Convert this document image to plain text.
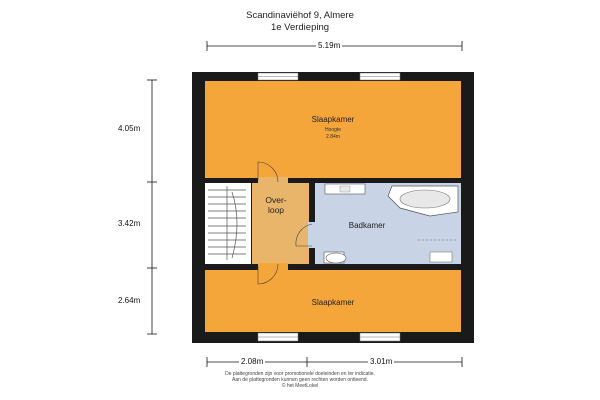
Scandinaviëhof 9, Almere
1e Verdieping
Slaapkamer
Hoogte
2.84m
Over-
loop
Badkamer
Slaapkamer
5.19m
4.05m
3.42m
2.64m
2.08m	3.01m
De plattegronden zijn voor promotionele doeleinden en ter indicatie.
Aan de plattegronden kunnen geen rechten worden ontleend.
© het MeetLokel
